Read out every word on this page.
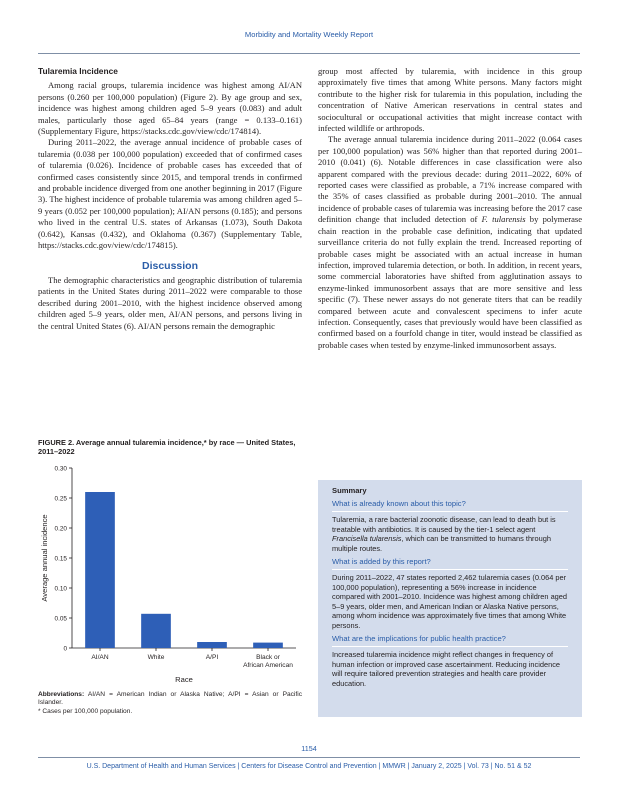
Morbidity and Mortality Weekly Report
Tularemia Incidence

Among racial groups, tularemia incidence was highest among AI/AN persons (0.260 per 100,000 population) (Figure 2). By age group and sex, incidence was highest among children aged 5–9 years (0.083) and adult males, particularly those aged 65–84 years (range = 0.133–0.161) (Supplementary Figure, https://stacks.cdc.gov/view/cdc/174814).

During 2011–2022, the average annual incidence of probable cases of tularemia (0.038 per 100,000 population) exceeded that of confirmed cases of tularemia (0.026). Incidence of probable cases has exceeded that of confirmed cases consistently since 2015, and temporal trends in confirmed and probable incidence diverged from one another beginning in 2017 (Figure 3). The highest incidence of probable tularemia was among children aged 5–9 years (0.052 per 100,000 population); AI/AN persons (0.185); and persons who lived in the central U.S. states of Arkansas (1.073), South Dakota (0.642), Kansas (0.432), and Oklahoma (0.367) (Supplementary Table, https://stacks.cdc.gov/view/cdc/174815).

Discussion

The demographic characteristics and geographic distribution of tularemia patients in the United States during 2011–2022 were comparable to those described during 2001–2010, with the highest incidence observed among children aged 5–9 years, older men, AI/AN persons, and persons living in the central United States (6). AI/AN persons remain the demographic

group most affected by tularemia, with incidence in this group approximately five times that among White persons. Many factors might contribute to the higher risk for tularemia in this population, including the concentration of Native American reservations in central states and sociocultural or occupational activities that might increase contact with infected wildlife or arthropods.

The average annual tularemia incidence during 2011–2022 (0.064 cases per 100,000 population) was 56% higher than that reported during 2001–2010 (0.041) (6). Notable differences in case classification were also apparent compared with the previous decade: during 2011–2022, 60% of reported cases were classified as probable, a 71% increase compared with the 35% of cases classified as probable during 2001–2010. The annual incidence of probable cases of tularemia was increasing before the 2017 case definition change that included detection of F. tularensis by polymerase chain reaction in the probable case definition, indicating that updated surveillance criteria do not fully explain the trend. Increased reporting of probable cases might be associated with an actual increase in human infection, improved tularemia detection, or both. In addition, in recent years, some commercial laboratories have shifted from agglutination assays to enzyme-linked immunosorbent assays that are more sensitive and less specific (7). These newer assays do not generate titers that can be readily compared between acute and convalescent specimens to infer acute infection. Consequently, cases that previously would have been classified as confirmed based on a fourfold change in titer, would instead be classified as probable cases when tested by enzyme-linked immunosorbent assays.

FIGURE 2. Average annual tularemia incidence,* by race — United States, 2011–2022
0
0.05
0.10
0.15
0.20
0.25
0.30
Average annual incidence
AI/AN	White	A/PI	Black or
African American
Race
Abbreviations: AI/AN = American Indian or Alaska Native; A/PI = Asian or Pacific Islander.
* Cases per 100,000 population.
Summary
What is already known about this topic?
Tularemia, a rare bacterial zoonotic disease, can lead to death but is treatable with antibiotics. It is caused by the tier-1 select agent Francisella tularensis, which can be transmitted to humans through multiple routes.
What is added by this report?
During 2011–2022, 47 states reported 2,462 tularemia cases (0.064 per 100,000 population), representing a 56% increase in incidence compared with 2001–2010. Incidence was highest among children aged 5–9 years, older men, and American Indian or Alaska Native persons, among whom incidence was approximately five times that among White persons.
What are the implications for public health practice?
Increased tularemia incidence might reflect changes in frequency of human infection or improved case ascertainment. Reducing incidence will require tailored prevention strategies and health care provider education.
1154
U.S. Department of Health and Human Services | Centers for Disease Control and Prevention | MMWR | January 2, 2025 | Vol. 73 | No. 51 & 52
